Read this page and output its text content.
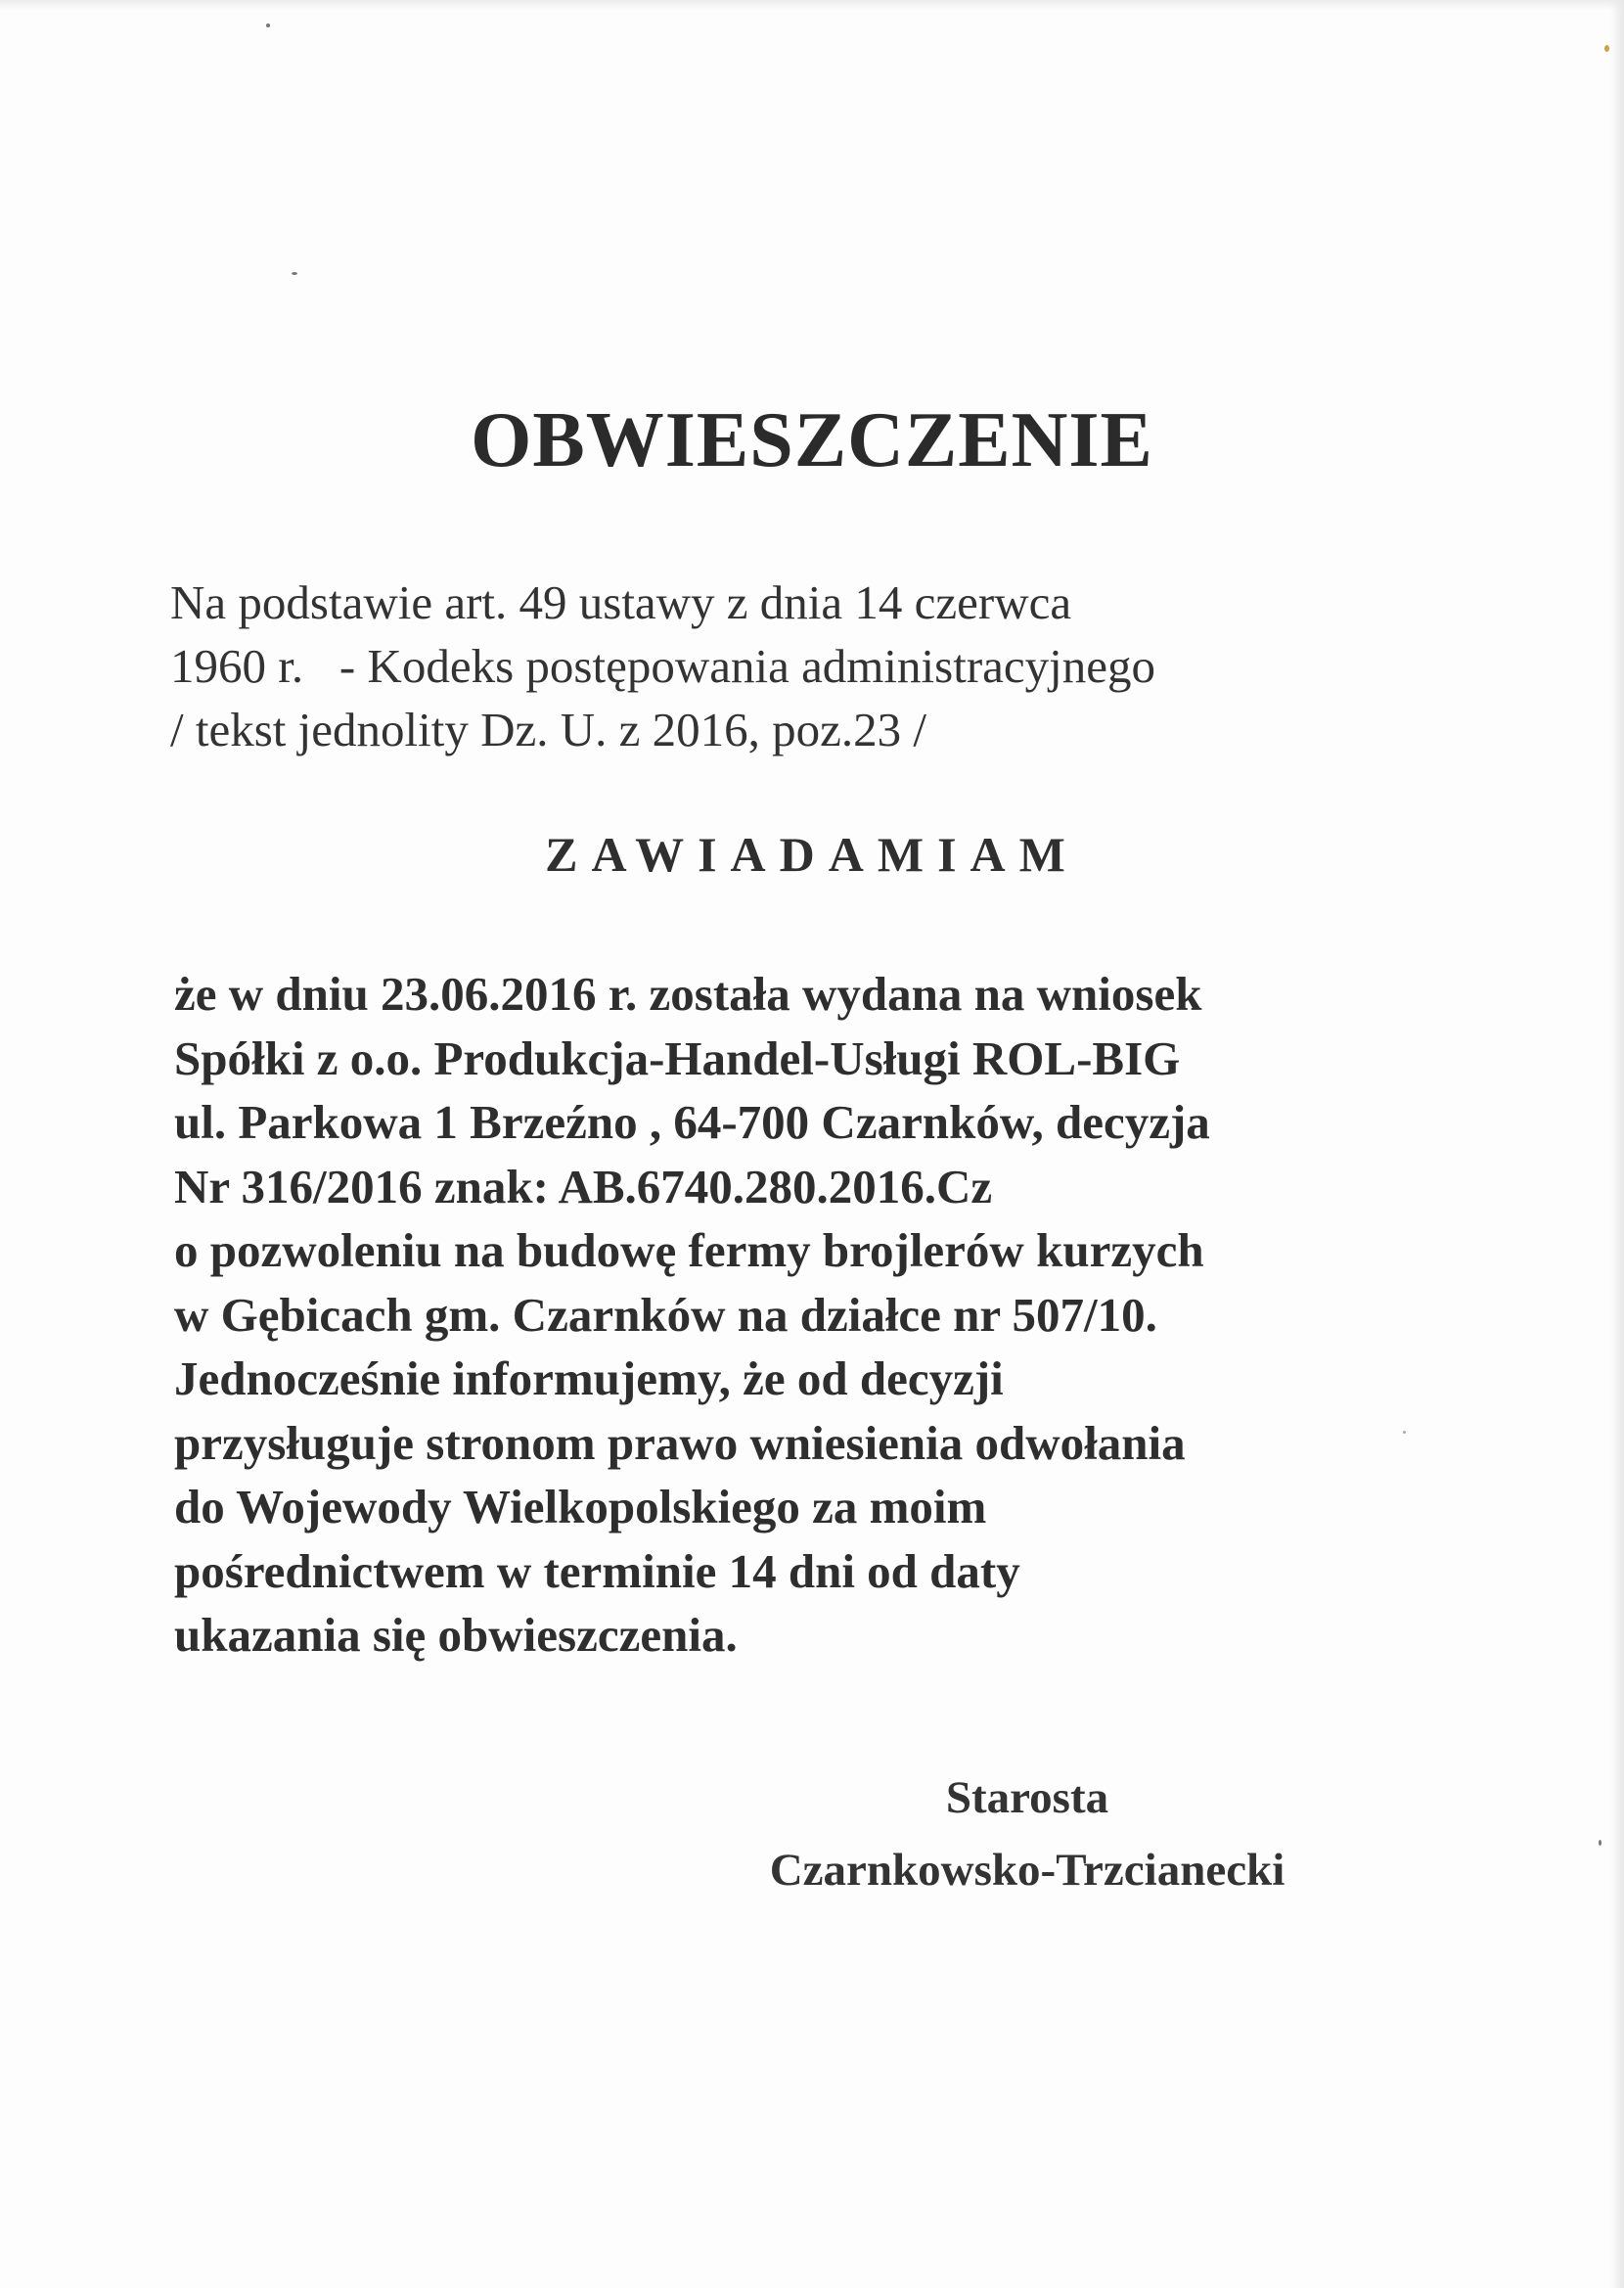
OBWIESZCZENIE
Na podstawie art. 49 ustawy z dnia 14 czerwca
1960 r.   - Kodeks postępowania administracyjnego
/ tekst jednolity Dz. U. z 2016, poz.23 /
ZAWIADAMIAM
że w dniu 23.06.2016 r. została wydana na wniosek
Spółki z o.o. Produkcja-Handel-Usługi ROL-BIG
ul. Parkowa 1 Brzeźno , 64-700 Czarnków, decyzja
Nr 316/2016 znak: AB.6740.280.2016.Cz
o pozwoleniu na budowę fermy brojlerów kurzych
w Gębicach gm. Czarnków na działce nr 507/10.
Jednocześnie informujemy, że od decyzji
przysługuje stronom prawo wniesienia odwołania
do Wojewody Wielkopolskiego za moim
pośrednictwem w terminie 14 dni od daty
ukazania się obwieszczenia.
Starosta
Czarnkowsko-Trzcianecki
